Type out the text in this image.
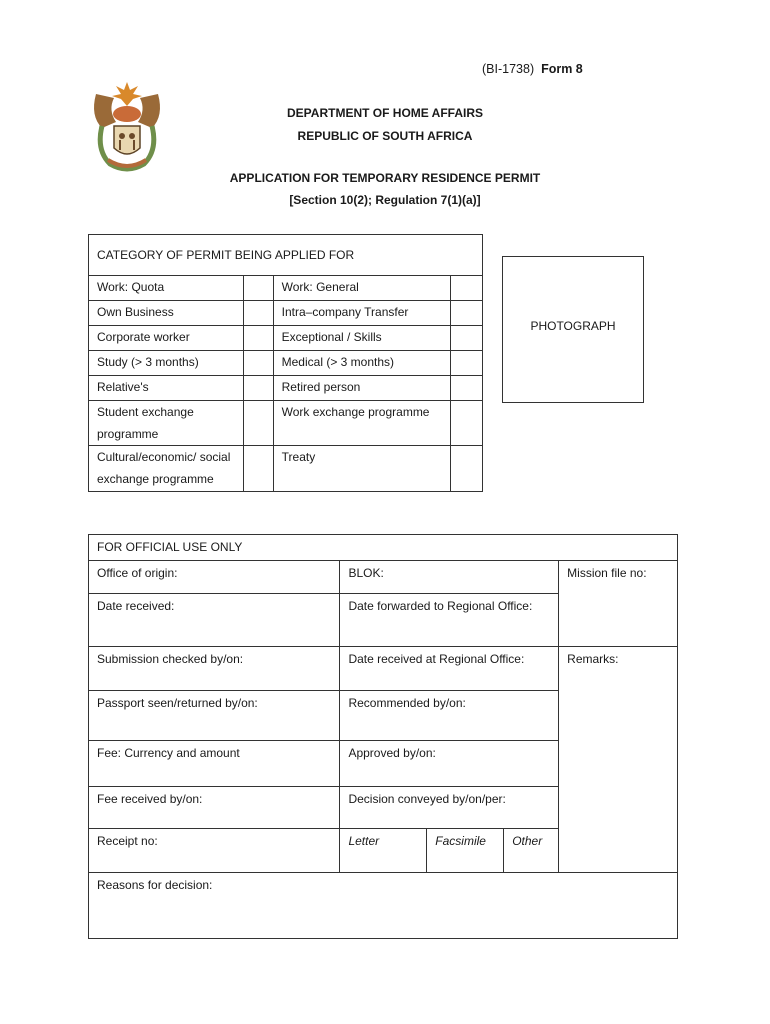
(BI-1738) Form 8
DEPARTMENT OF HOME AFFAIRS
REPUBLIC OF SOUTH AFRICA
APPLICATION FOR TEMPORARY RESIDENCE PERMIT
[Section 10(2); Regulation 7(1)(a)]
CATEGORY OF PERMIT BEING APPLIED FOR			
Work: Quota		Work: General	
Own Business		Intra–company Transfer	
Corporate worker		Exceptional / Skills	
Study (> 3 months)		Medical (> 3 months)	
Relative's		Retired person	
Student exchange programme		Work exchange programme	
Cultural/economic/ social exchange programme		Treaty	
PHOTOGRAPH
FOR OFFICIAL USE ONLY				
Office of origin:	BLOK:			Mission file no:
Date received:	Date forwarded to Regional Office:			
Submission checked by/on:	Date received at Regional Office:			Remarks:
Passport seen/returned by/on:	Recommended by/on:			
Fee: Currency and amount	Approved by/on:			
Fee received by/on:	Decision conveyed by/on/per:			
Receipt no:	Letter	Facsimile	Other	
Reasons for decision:				
